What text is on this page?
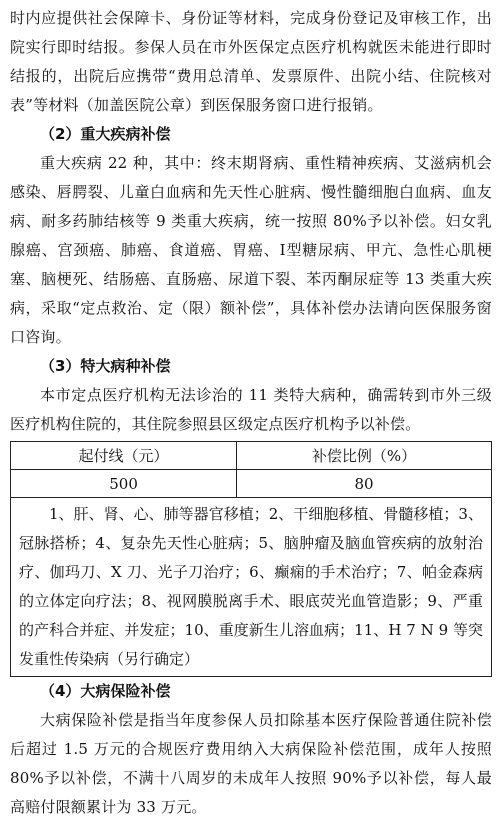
时内应提供社会保障卡、身份证等材料，完成身份登记及审核工作，出院实行即时结报。参保人员在市外医保定点医疗机构就医未能进行即时结报的，出院后应携带“费用总清单、发票原件、出院小结、住院核对表”等材料（加盖医院公章）到医保服务窗口进行报销。

（2）重大疾病补偿

重大疾病 22 种，其中：终末期肾病、重性精神疾病、艾滋病机会感染、唇腭裂、儿童白血病和先天性心脏病、慢性髓细胞白血病、血友病、耐多药肺结核等 9 类重大疾病，统一按照 80%予以补偿。妇女乳腺癌、宫颈癌、肺癌、食道癌、胃癌、Ⅰ型糖尿病、甲亢、急性心肌梗塞、脑梗死、结肠癌、直肠癌、尿道下裂、苯丙酮尿症等 13 类重大疾病，采取“定点救治、定（限）额补偿”，具体补偿办法请向医保服务窗口咨询。

（3）特大病种补偿

本市定点医疗机构无法诊治的 11 类特大病种，确需转到市外三级医疗机构住院的，其住院参照县区级定点医疗机构予以补偿。

起付线（元）	补偿比例（%）
500	80

1、肝、肾、心、肺等器官移植；2、干细胞移植、骨髓移植；3、冠脉搭桥；4、复杂先天性心脏病；5、脑肿瘤及脑血管疾病的放射治疗、伽玛刀、X 刀、光子刀治疗；6、癫痫的手术治疗；7、帕金森病的立体定向疗法；8、视网膜脱离手术、眼底荧光血管造影；9、严重的产科合并症、并发症；10、重度新生儿溶血病；11、H 7 N 9 等突发重性传染病（另行确定）	

（4）大病保险补偿

大病保险补偿是指当年度参保人员扣除基本医疗保险普通住院补偿后超过 1.5 万元的合规医疗费用纳入大病保险补偿范围，成年人按照 80%予以补偿，不满十八周岁的未成年人按照 90%予以补偿，每人最高赔付限额累计为 33 万元。
